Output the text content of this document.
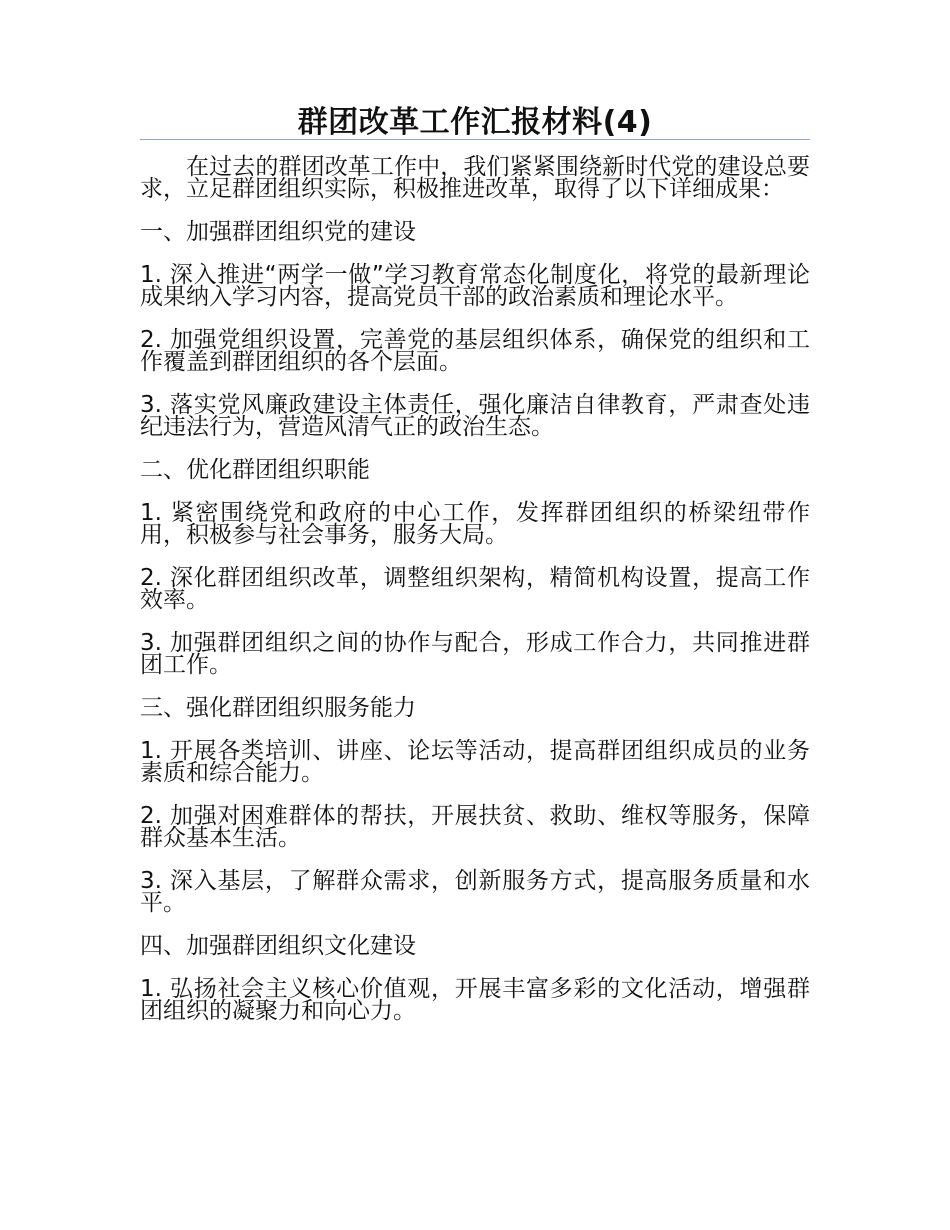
群团改革工作汇报材料(4)

在过去的群团改革工作中，我们紧紧围绕新时代党的建设总要求，立足群团组织实际，积极推进改革，取得了以下详细成果：

一、加强群团组织党的建设

1. 深入推进“两学一做”学习教育常态化制度化，将党的最新理论成果纳入学习内容，提高党员干部的政治素质和理论水平。

2. 加强党组织设置，完善党的基层组织体系，确保党的组织和工作覆盖到群团组织的各个层面。

3. 落实党风廉政建设主体责任，强化廉洁自律教育，严肃查处违纪违法行为，营造风清气正的政治生态。

二、优化群团组织职能

1. 紧密围绕党和政府的中心工作，发挥群团组织的桥梁纽带作用，积极参与社会事务，服务大局。

2. 深化群团组织改革，调整组织架构，精简机构设置，提高工作效率。

3. 加强群团组织之间的协作与配合，形成工作合力，共同推进群团工作。

三、强化群团组织服务能力

1. 开展各类培训、讲座、论坛等活动，提高群团组织成员的业务素质和综合能力。

2. 加强对困难群体的帮扶，开展扶贫、救助、维权等服务，保障群众基本生活。

3. 深入基层，了解群众需求，创新服务方式，提高服务质量和水平。

四、加强群团组织文化建设

1. 弘扬社会主义核心价值观，开展丰富多彩的文化活动，增强群团组织的凝聚力和向心力。
